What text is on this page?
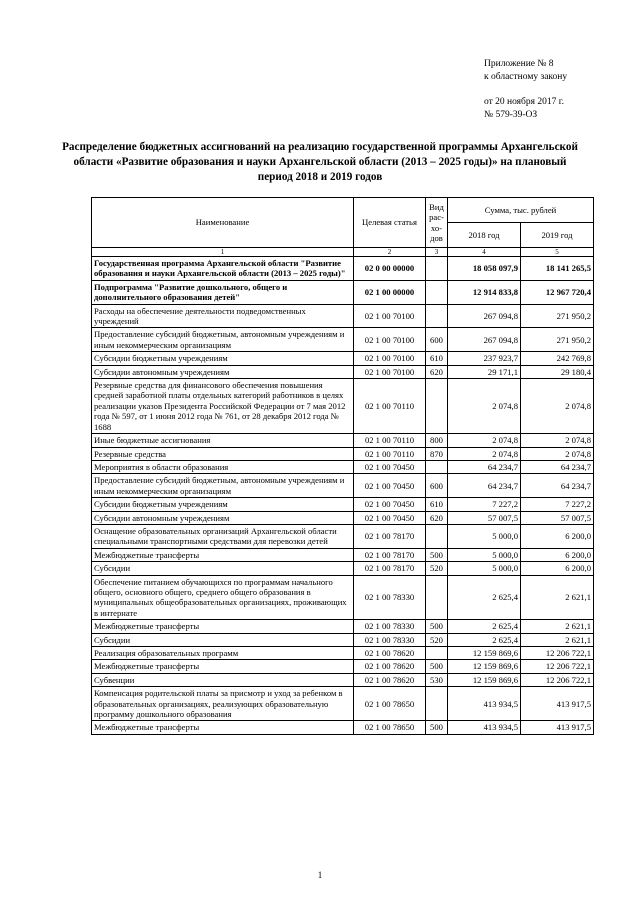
Приложение № 8
к областному закону
от 20 ноября 2017 г.
№ 579-39-ОЗ
Распределение бюджетных ассигнований на реализацию государственной программы Архангельской области «Развитие образования и науки Архангельской области (2013 – 2025 годы)» на плановый период 2018 и 2019 годов
Наименование	Целевая статья	Вид рас-хо-дов	Сумма, тыс. рублей	
			2018 год	2019 год
1	2	3	4	5
Государственная программа Архангельской области "Развитие образования и науки Архангельской области (2013 – 2025 годы)"	02 0 00 00000		18 058 097,9	18 141 265,5
Подпрограмма "Развитие дошкольного, общего и дополнительного образования детей"	02 1 00 00000		12 914 833,8	12 967 720,4
Расходы на обеспечение деятельности подведомственных учреждений	02 1 00 70100		267 094,8	271 950,2
Предоставление субсидий бюджетным, автономным учреждениям и иным некоммерческим организациям	02 1 00 70100	600	267 094,8	271 950,2
Субсидии бюджетным учреждениям	02 1 00 70100	610	237 923,7	242 769,8
Субсидии автономным учреждениям	02 1 00 70100	620	29 171,1	29 180,4
Резервные средства для финансового обеспечения повышения средней заработной платы отдельных категорий работников в целях реализации указов Президента Российской Федерации от 7 мая 2012 года № 597, от 1 июня 2012 года № 761, от 28 декабря 2012 года № 1688	02 1 00 70110		2 074,8	2 074,8
Иные бюджетные ассигнования	02 1 00 70110	800	2 074,8	2 074,8
Резервные средства	02 1 00 70110	870	2 074,8	2 074,8
Мероприятия в области образования	02 1 00 70450		64 234,7	64 234,7
Предоставление субсидий бюджетным, автономным учреждениям и иным некоммерческим организациям	02 1 00 70450	600	64 234,7	64 234,7
Субсидии бюджетным учреждениям	02 1 00 70450	610	7 227,2	7 227,2
Субсидии автономным учреждениям	02 1 00 70450	620	57 007,5	57 007,5
Оснащение образовательных организаций Архангельской области специальными транспортными средствами для перевозки детей	02 1 00 78170		5 000,0	6 200,0
Межбюджетные трансферты	02 1 00 78170	500	5 000,0	6 200,0
Субсидии	02 1 00 78170	520	5 000,0	6 200,0
Обеспечение питанием обучающихся по программам начального общего, основного общего, среднего общего образования в муниципальных общеобразовательных организациях, проживающих в интернате	02 1 00 78330		2 625,4	2 621,1
Межбюджетные трансферты	02 1 00 78330	500	2 625,4	2 621,1
Субсидии	02 1 00 78330	520	2 625,4	2 621,1
Реализация образовательных программ	02 1 00 78620		12 159 869,6	12 206 722,1
Межбюджетные трансферты	02 1 00 78620	500	12 159 869,6	12 206 722,1
Субвенции	02 1 00 78620	530	12 159 869,6	12 206 722,1
Компенсация родительской платы за присмотр и уход за ребенком в образовательных организациях, реализующих образовательную программу дошкольного образования	02 1 00 78650		413 934,5	413 917,5
Межбюджетные трансферты	02 1 00 78650	500	413 934,5	413 917,5
1
